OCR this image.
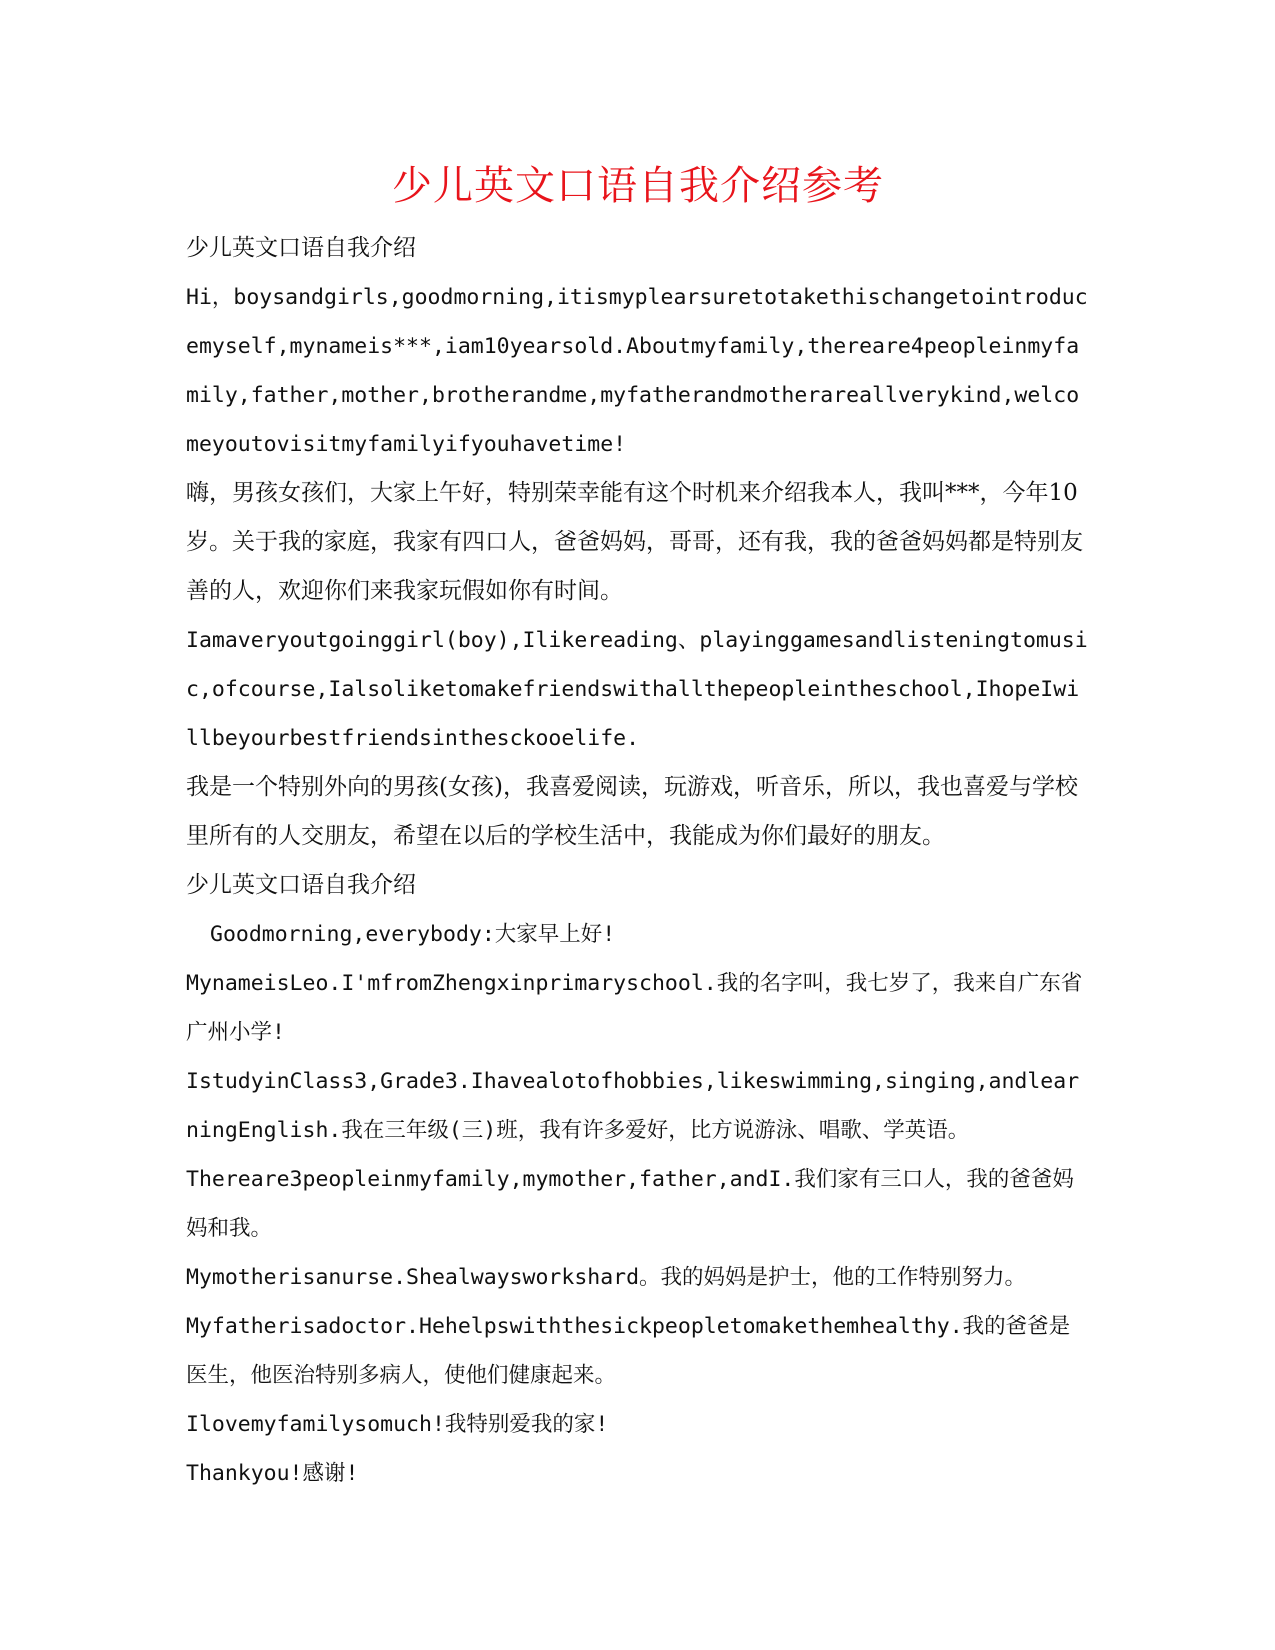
少儿英文口语自我介绍参考

少儿英文口语自我介绍

Hi，boysandgirls,goodmorning,itismyplearsuretotakethischangetointroducemyself,mynameis***,iam10yearsold.Aboutmyfamily,thereare4peopleinmyfamily,father,mother,brotherandme,myfatherandmotherareallverykind,welcomeyoutovisitmyfamilyifyouhavetime!

嗨，男孩女孩们，大家上午好，特别荣幸能有这个时机来介绍我本人，我叫***，今年10岁。关于我的家庭，我家有四口人，爸爸妈妈，哥哥，还有我，我的爸爸妈妈都是特别友善的人，欢迎你们来我家玩假如你有时间。

Iamaveryoutgoinggirl(boy),Ilikereading、playinggamesandlisteningtomusic,ofcourse,Ialsoliketomakefriendswithallthepeopleintheschool,IhopeIwillbeyourbestfriendsinthesckooelife.

我是一个特别外向的男孩(女孩)，我喜爱阅读，玩游戏，听音乐，所以，我也喜爱与学校里所有的人交朋友，希望在以后的学校生活中，我能成为你们最好的朋友。

少儿英文口语自我介绍

Goodmorning,everybody:大家早上好!

MynameisLeo.I'mfromZhengxinprimaryschool.我的名字叫，我七岁了，我来自广东省广州小学!

IstudyinClass3,Grade3.Ihavealotofhobbies,likeswimming,singing,andlearningEnglish.我在三年级(三)班，我有许多爱好，比方说游泳、唱歌、学英语。

Thereare3peopleinmyfamily,mymother,father,andI.我们家有三口人，我的爸爸妈妈和我。

Mymotherisanurse.Shealwaysworkshard。我的妈妈是护士，他的工作特别努力。

Myfatherisadoctor.Hehelpswiththesickpeopletomakethemhealthy.我的爸爸是医生，他医治特别多病人，使他们健康起来。

Ilovemyfamilysomuch!我特别爱我的家!

Thankyou!感谢!
